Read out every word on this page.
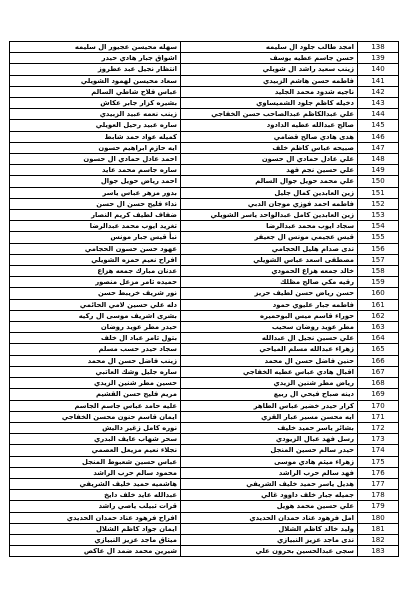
138	امجد طالب جلود ال سليمه	سهله محيسن عجيور ال سليمه
139	حسن جاسم عطيه يوسف	اشواق جبار هادي حيدر
140	زينب سعيد راشد ال شويلي	انتظار نجيل عبد عطروز
141	فاطمه حسن هاشم الزبيدي	سعاد محيسن لهمود الشويلي
142	ناجيه شدود محمد الجليد	عباس فلاح شاطي السالم
143	دخيله كاظم جلود الشميساوي	بشيره كزار جابر عكاش
144	علي عبدالكاظم عبدالصاحب حسن الخفاجي	زينب نعمه عبيد الزبيدي
145	صالح عبدالله عطيه الدادود	ساره عبيد رحيل العويلي
146	هدى هادي صالح قضامي	كميله عواد حمد شابط
147	صبيحه عباس كاظم خلف	ايه حازم ابراهيم حسون
148	علي عادل حمادي ال حسون	احمد عادل حمادي ال حسون
149	علي حسين نجم فهد	ساره جاسم محمد عايد
150	علي محمد حويل جوال السالم	احمد رياض حويل جوال
151	زين العابدين كمال جليل	بدور مزهر عباس ياسر
152	فاطمه احمد فوزي موجان الدبي	نداء فليح حسن ال حسن
153	زين العابدين كامل عبدالواحد ياسر الشويلي	ضفاف لطيف كريم النصار
154	سجاد ايوب محمد عبدالرضا	تغريد ايوب محمد عبدالرضا
155	قيس عجيمي مونس ال جعيفر	نبأ قيس جبار مونس
156	ندى صدام هليل الحجامي	عهود حسن حسون الحجامي
157	مصطفى اسعد عباس الشويلي	افراح نعيم حمزه الشويلي
158	خالد جمعه هزاع الحمودي	عدنان مبارك جمعه هزاع
159	رقيه مكي صالح مظلك	حميده ثامر مزعل منصور
160	حسن رياض حسن لطيف حريز	نور شريف خريبط حسن
161	فاطمه جبار عليوي حمود	دله علي حسين لامي الحائمي
162	حوراء قاسم ميس البوحميره	بشرى اشريف موسى ال ركيه
163	مطر عويد روضان سحيب	حيدر مطر عويد روضان
164	علي حسين نجيل ال عبدالله	بتول ثامر عباد ال خلف
165	زهراء عبدالله مسلم المياحي	سجاد حيدر حسب مسلم
166	حنين فاضل حسن ال محمد	زينب فاضل حسن ال محمد
167	اقبال هادي عباس عطيه الخفاجي	ساره جليل وشك العاتبي
168	رياض مطر شنين الزيدي	حسين مطر شنين الزيدي
169	دينه صباح فيحي ال ربيع	مريم فليح حسن القشيم
170	كرار حيدر خضير عباس الطاهر	عليه حامد عباس جاسم الجاسم
171	ايه محسن مسير عبار القزي	ايمان قاسم حنون محسن الخفاجي
172	بشائر ياسر حميد خليف	نوره كامل زغير داليش
173	رسل فهد عبال الزيودي	سحر شهاب عايف البدري
174	حيدر سالم حسين المنجل	نجلاء نعيم مزيعل العصمي
175	زهراء ميثم هادي موسى	عباس حسين شعبوط المنجل
176	فهد سالم حرب الراشد	محمود سالم حرب الراشد
177	هديل ياسر حميد خليف الشريفي	هاشميه حميد خليف الشريفي
178	جميله جبار خلف داوود غالي	عبدالله عايد خلف دايخ
179	علي حسين محمد هويل	قرات ثبيلب ياصي راشد
180	امل فرهود عناد حمدان الحديدي	افراح فرهود عناد حمدان الحديدي
181	وليد خالد كاظم الشلال	ايمان جواد كاظم الشلال
182	ندى ماجد عزيز النبيازي	ميثاق ماجد عزيز النبيازي
183	سجى عبدالحسين بحرون علي	شيرين محمد ضمد ال عاكص
